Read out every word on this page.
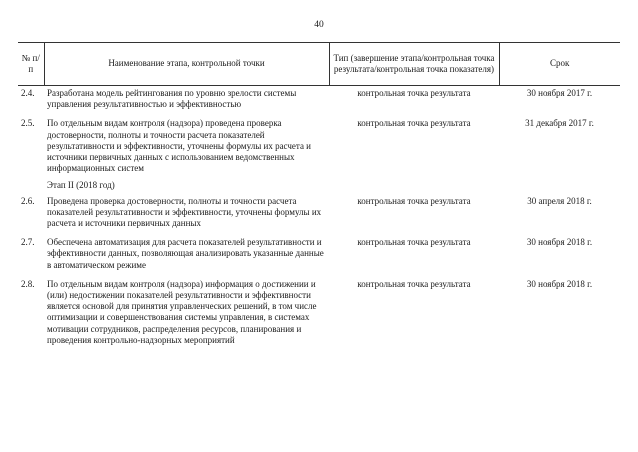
40
№ п/п	Наименование этапа, контрольной точки	Тип (завершение этапа/контрольная точка результата/контрольная точка показателя)	Срок
2.4.	Разработана модель рейтингования по уровню зрелости системы управления результативностью и эффективностью	контрольная точка результата	30 ноября 2017 г.
2.5.	По отдельным видам контроля (надзора) проведена проверка достоверности, полноты и точности расчета показателей результативности и эффективности, уточнены формулы их расчета и источники первичных данных с использованием ведомственных информационных систем	контрольная точка результата	31 декабря 2017 г.
	Этап II (2018 год)		
2.6.	Проведена проверка достоверности, полноты и точности расчета показателей результативности и эффективности, уточнены формулы их расчета и источники первичных данных	контрольная точка результата	30 апреля 2018 г.
2.7.	Обеспечена автоматизация для расчета показателей результативности и эффективности данных, позволяющая анализировать указанные данные в автоматическом режиме	контрольная точка результата	30 ноября 2018 г.
2.8.	По отдельным видам контроля (надзора) информация о достижении и (или) недостижении показателей результативности и эффективности является основой для принятия управленческих решений, в том числе оптимизации и совершенствования системы управления, в системах мотивации сотрудников, распределения ресурсов, планирования и проведения контрольно-надзорных мероприятий	контрольная точка результата	30 ноября 2018 г.
